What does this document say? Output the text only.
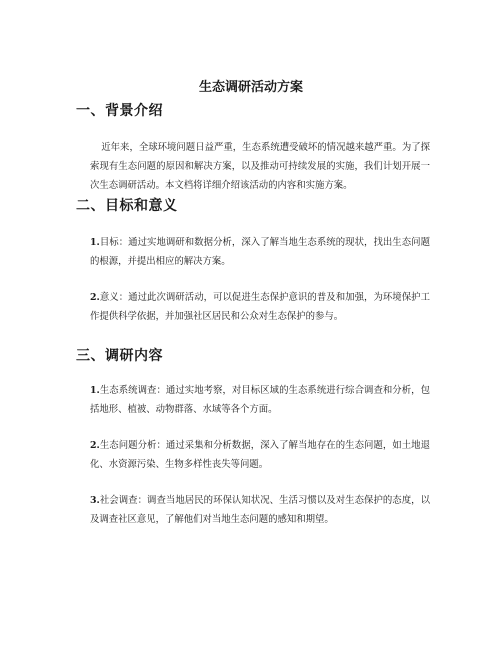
生态调研活动方案
一、背景介绍

近年来，全球环境问题日益严重，生态系统遭受破坏的情况越来越严重。为了探索现有生态问题的原因和解决方案，以及推动可持续发展的实施，我们计划开展一次生态调研活动。本文档将详细介绍该活动的内容和实施方案。

二、目标和意义

1.目标：通过实地调研和数据分析，深入了解当地生态系统的现状，找出生态问题的根源，并提出相应的解决方案。

2.意义：通过此次调研活动，可以促进生态保护意识的普及和加强，为环境保护工作提供科学依据，并加强社区居民和公众对生态保护的参与。

三、调研内容

1.生态系统调查：通过实地考察，对目标区域的生态系统进行综合调查和分析，包括地形、植被、动物群落、水域等各个方面。

2.生态问题分析：通过采集和分析数据，深入了解当地存在的生态问题，如土地退化、水资源污染、生物多样性丧失等问题。

3.社会调查：调查当地居民的环保认知状况、生活习惯以及对生态保护的态度，以及调查社区意见，了解他们对当地生态问题的感知和期望。
